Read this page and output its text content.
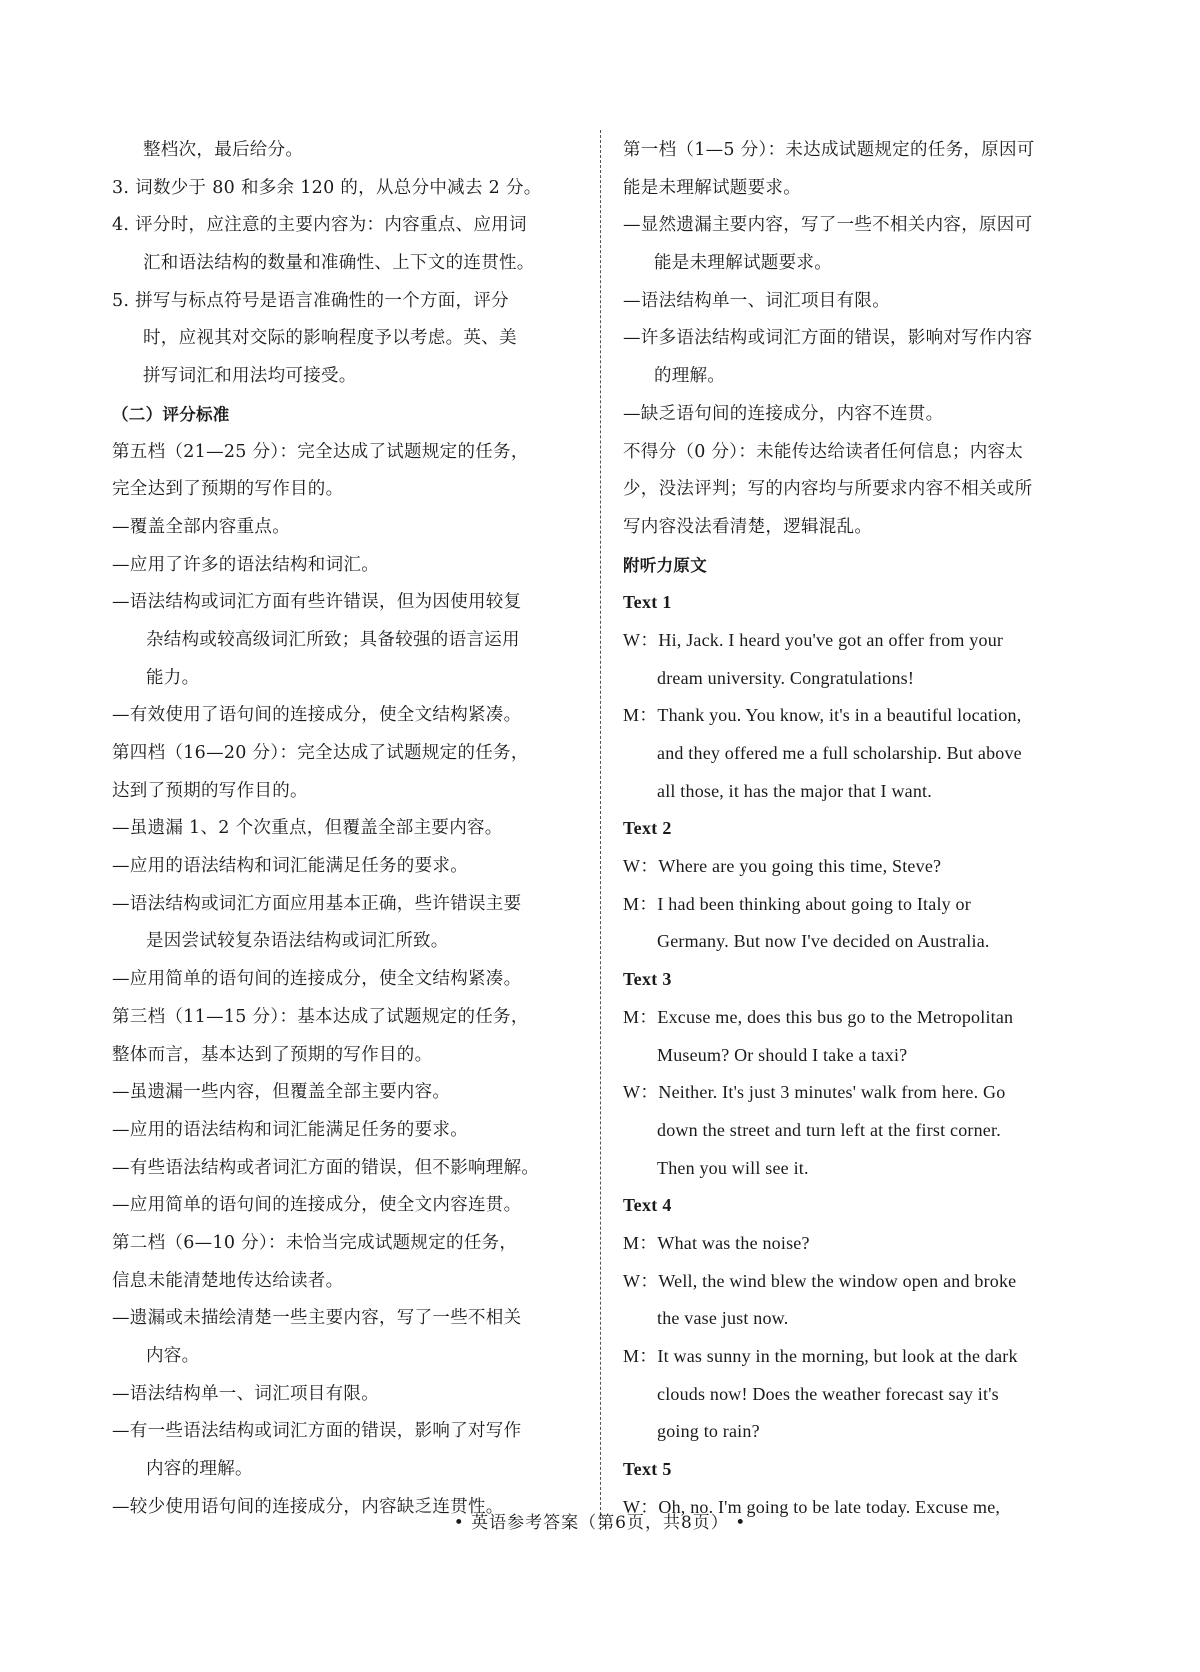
整档次，最后给分。
3. 词数少于 80 和多余 120 的，从总分中减去 2 分。
4. 评分时，应注意的主要内容为：内容重点、应用词
汇和语法结构的数量和准确性、上下文的连贯性。
5. 拼写与标点符号是语言准确性的一个方面，评分
时，应视其对交际的影响程度予以考虑。英、美
拼写词汇和用法均可接受。
（二）评分标准
第五档（21—25 分）：完全达成了试题规定的任务，
完全达到了预期的写作目的。
—覆盖全部内容重点。
—应用了许多的语法结构和词汇。
—语法结构或词汇方面有些许错误，但为因使用较复
杂结构或较高级词汇所致；具备较强的语言运用
能力。
—有效使用了语句间的连接成分，使全文结构紧凑。
第四档（16—20 分）：完全达成了试题规定的任务，
达到了预期的写作目的。
—虽遗漏 1、2 个次重点，但覆盖全部主要内容。
—应用的语法结构和词汇能满足任务的要求。
—语法结构或词汇方面应用基本正确，些许错误主要
是因尝试较复杂语法结构或词汇所致。
—应用简单的语句间的连接成分，使全文结构紧凑。
第三档（11—15 分）：基本达成了试题规定的任务，
整体而言，基本达到了预期的写作目的。
—虽遗漏一些内容，但覆盖全部主要内容。
—应用的语法结构和词汇能满足任务的要求。
—有些语法结构或者词汇方面的错误，但不影响理解。
—应用简单的语句间的连接成分，使全文内容连贯。
第二档（6—10 分）：未恰当完成试题规定的任务，
信息未能清楚地传达给读者。
—遗漏或未描绘清楚一些主要内容，写了一些不相关
内容。
—语法结构单一、词汇项目有限。
—有一些语法结构或词汇方面的错误，影响了对写作
内容的理解。
—较少使用语句间的连接成分，内容缺乏连贯性。
第一档（1—5 分）：未达成试题规定的任务，原因可
能是未理解试题要求。
—显然遗漏主要内容，写了一些不相关内容，原因可
能是未理解试题要求。
—语法结构单一、词汇项目有限。
—许多语法结构或词汇方面的错误，影响对写作内容
的理解。
—缺乏语句间的连接成分，内容不连贯。
不得分（0 分）：未能传达给读者任何信息；内容太
少，没法评判；写的内容均与所要求内容不相关或所
写内容没法看清楚，逻辑混乱。
附听力原文
Text 1
W：Hi, Jack. I heard you've got an offer from your
dream university. Congratulations!
M：Thank you. You know, it's in a beautiful location,
and they offered me a full scholarship. But above
all those, it has the major that I want.
Text 2
W：Where are you going this time, Steve?
M：I had been thinking about going to Italy or
Germany. But now I've decided on Australia.
Text 3
M：Excuse me, does this bus go to the Metropolitan
Museum? Or should I take a taxi?
W：Neither. It's just 3 minutes' walk from here. Go
down the street and turn left at the first corner.
Then you will see it.
Text 4
M：What was the noise?
W：Well, the wind blew the window open and broke
the vase just now.
M：It was sunny in the morning, but look at the dark
clouds now! Does the weather forecast say it's
going to rain?
Text 5
W：Oh, no. I'm going to be late today. Excuse me,
• 英语参考答案（第6页，共8页） •
